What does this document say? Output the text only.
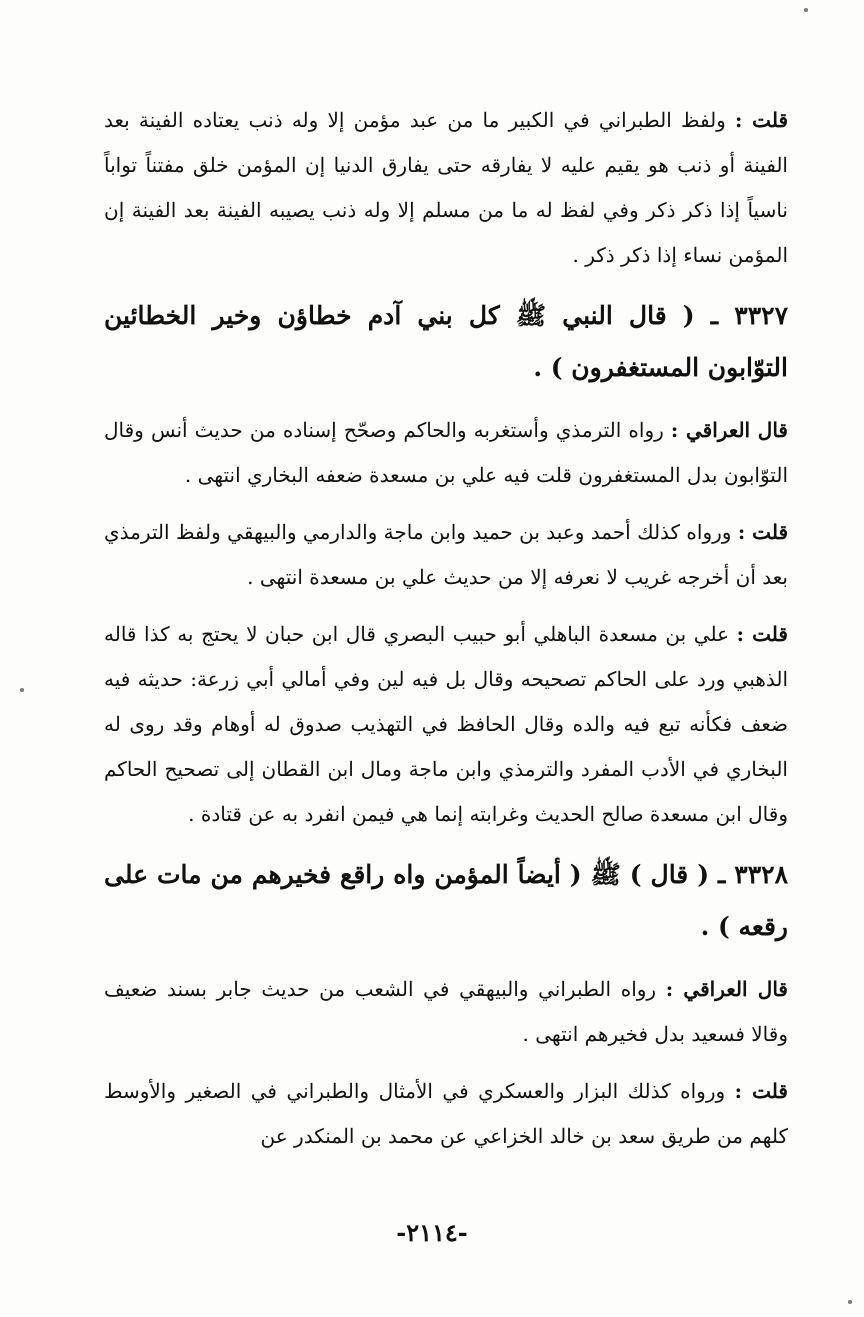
قلت : ولفظ الطبراني في الكبير ما من عبد مؤمن إلا وله ذنب يعتاده الفينة بعد الفينة أو ذنب هو يقيم عليه لا يفارقه حتى يفارق الدنيا إن المؤمن خلق مفتناً تواباً ناسياً إذا ذكر ذكر وفي لفظ له ما من مسلم إلا وله ذنب يصيبه الفينة بعد الفينة إن المؤمن نساء إذا ذكر ذكر .

٣٣٢٧ ـ ( قال النبي ﷺ كل بني آدم خطاؤن وخير الخطائين التوّابون المستغفرون ) .

قال العراقي : رواه الترمذي وأستغربه والحاكم وصحّح إسناده من حديث أنس وقال التوّابون بدل المستغفرون قلت فيه علي بن مسعدة ضعفه البخاري انتهى .

قلت : ورواه كذلك أحمد وعبد بن حميد وابن ماجة والدارمي والبيهقي ولفظ الترمذي بعد أن أخرجه غريب لا نعرفه إلا من حديث علي بن مسعدة انتهى .

قلت : علي بن مسعدة الباهلي أبو حبيب البصري قال ابن حبان لا يحتج به كذا قاله الذهبي ورد على الحاكم تصحيحه وقال بل فيه لين وفي أمالي أبي زرعة: حديثه فيه ضعف فكأنه تبع فيه والده وقال الحافظ في التهذيب صدوق له أوهام وقد روى له البخاري في الأدب المفرد والترمذي وابن ماجة ومال ابن القطان إلى تصحيح الحاكم وقال ابن مسعدة صالح الحديث وغرابته إنما هي فيمن انفرد به عن قتادة .

٣٣٢٨ ـ ( قال ) ﷺ ( أيضاً المؤمن واه راقع فخيرهم من مات على رقعه ) .

قال العراقي : رواه الطبراني والبيهقي في الشعب من حديث جابر بسند ضعيف وقالا فسعيد بدل فخيرهم انتهى .

قلت : ورواه كذلك البزار والعسكري في الأمثال والطبراني في الصغير والأوسط كلهم من طريق سعد بن خالد الخزاعي عن محمد بن المنكدر عن

-٢١١٤-
